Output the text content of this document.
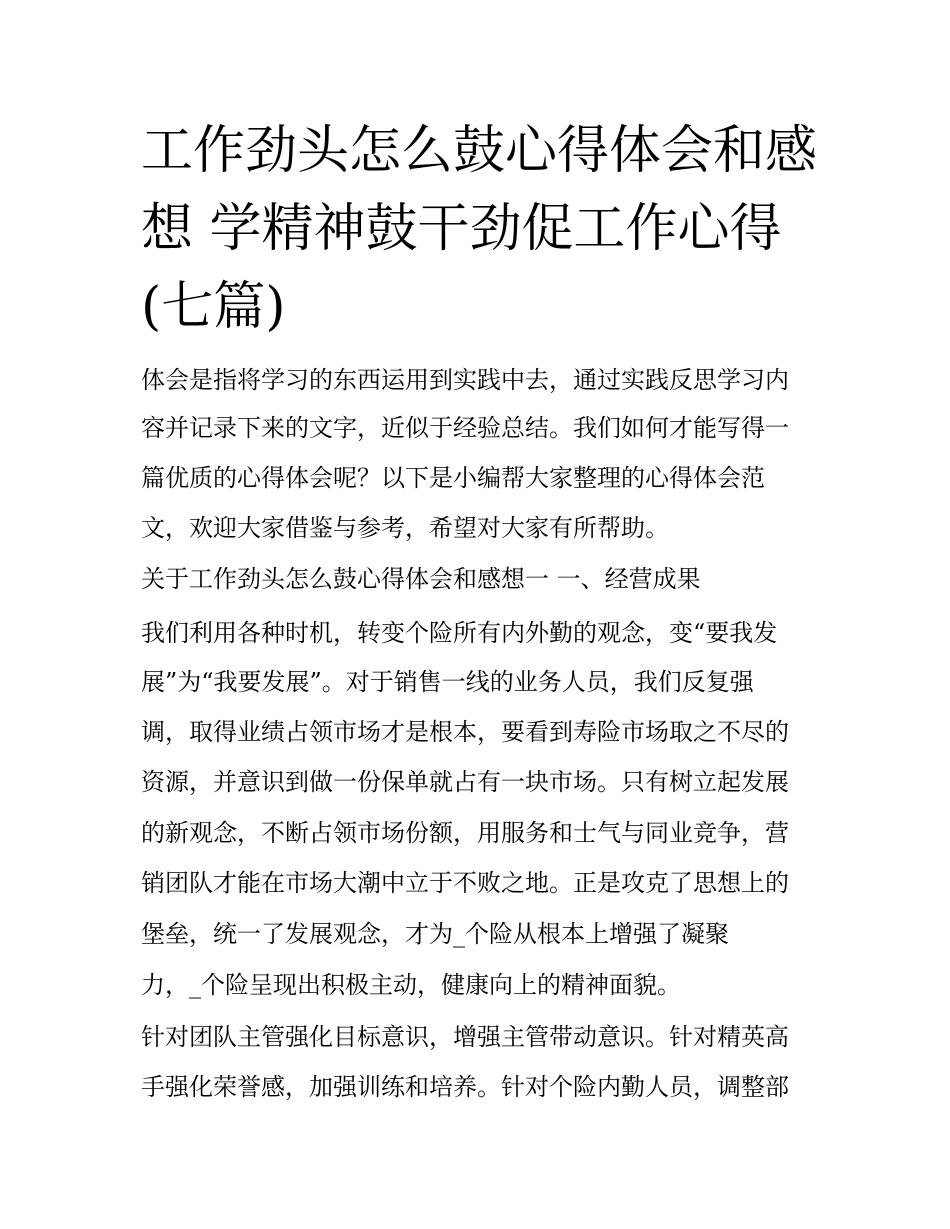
工作劲头怎么鼓心得体会和感
想 学精神鼓干劲促工作心得
(七篇)

体会是指将学习的东西运用到实践中去，通过实践反思学习内

容并记录下来的文字，近似于经验总结。我们如何才能写得一

篇优质的心得体会呢？以下是小编帮大家整理的心得体会范

文，欢迎大家借鉴与参考，希望对大家有所帮助。

关于工作劲头怎么鼓心得体会和感想一 一、经营成果

我们利用各种时机，转变个险所有内外勤的观念，变“要我发

展”为“我要发展”。对于销售一线的业务人员，我们反复强

调，取得业绩占领市场才是根本，要看到寿险市场取之不尽的

资源，并意识到做一份保单就占有一块市场。只有树立起发展

的新观念，不断占领市场份额，用服务和士气与同业竞争，营

销团队才能在市场大潮中立于不败之地。正是攻克了思想上的

堡垒，统一了发展观念，才为_个险从根本上增强了凝聚

力，_个险呈现出积极主动，健康向上的精神面貌。

针对团队主管强化目标意识，增强主管带动意识。针对精英高

手强化荣誉感，加强训练和培养。针对个险内勤人员，调整部
